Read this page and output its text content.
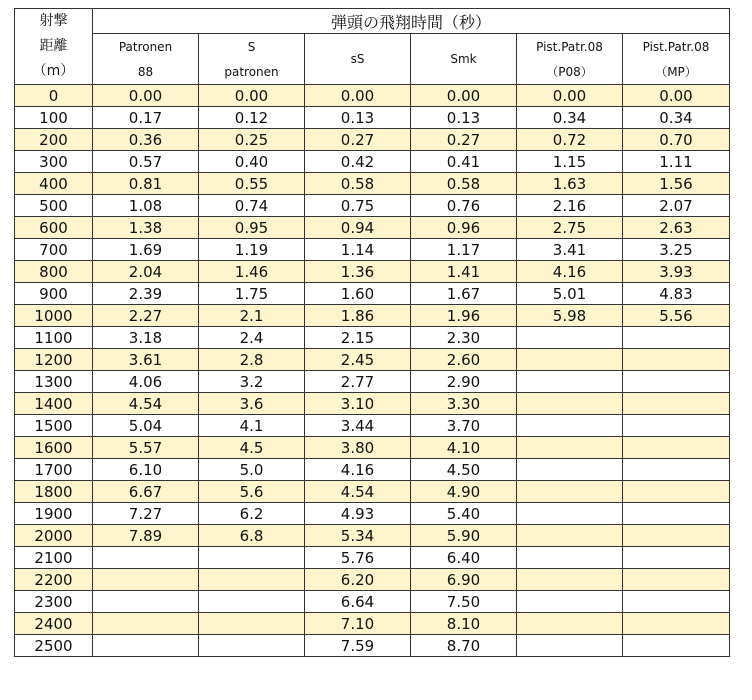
射撃
距離
（m）	弾頭の飛翔時間（秒）					
	Patronen	S	sS	Smk	Pist.Patr.08	Pist.Patr.08
	88	patronen			（P08）	（MP）
0	0.00	0.00	0.00	0.00	0.00	0.00
100	0.17	0.12	0.13	0.13	0.34	0.34
200	0.36	0.25	0.27	0.27	0.72	0.70
300	0.57	0.40	0.42	0.41	1.15	1.11
400	0.81	0.55	0.58	0.58	1.63	1.56
500	1.08	0.74	0.75	0.76	2.16	2.07
600	1.38	0.95	0.94	0.96	2.75	2.63
700	1.69	1.19	1.14	1.17	3.41	3.25
800	2.04	1.46	1.36	1.41	4.16	3.93
900	2.39	1.75	1.60	1.67	5.01	4.83
1000	2.27	2.1	1.86	1.96	5.98	5.56
1100	3.18	2.4	2.15	2.30		
1200	3.61	2.8	2.45	2.60		
1300	4.06	3.2	2.77	2.90		
1400	4.54	3.6	3.10	3.30		
1500	5.04	4.1	3.44	3.70		
1600	5.57	4.5	3.80	4.10		
1700	6.10	5.0	4.16	4.50		
1800	6.67	5.6	4.54	4.90		
1900	7.27	6.2	4.93	5.40		
2000	7.89	6.8	5.34	5.90		
2100			5.76	6.40		
2200			6.20	6.90		
2300			6.64	7.50		
2400			7.10	8.10		
2500			7.59	8.70		
